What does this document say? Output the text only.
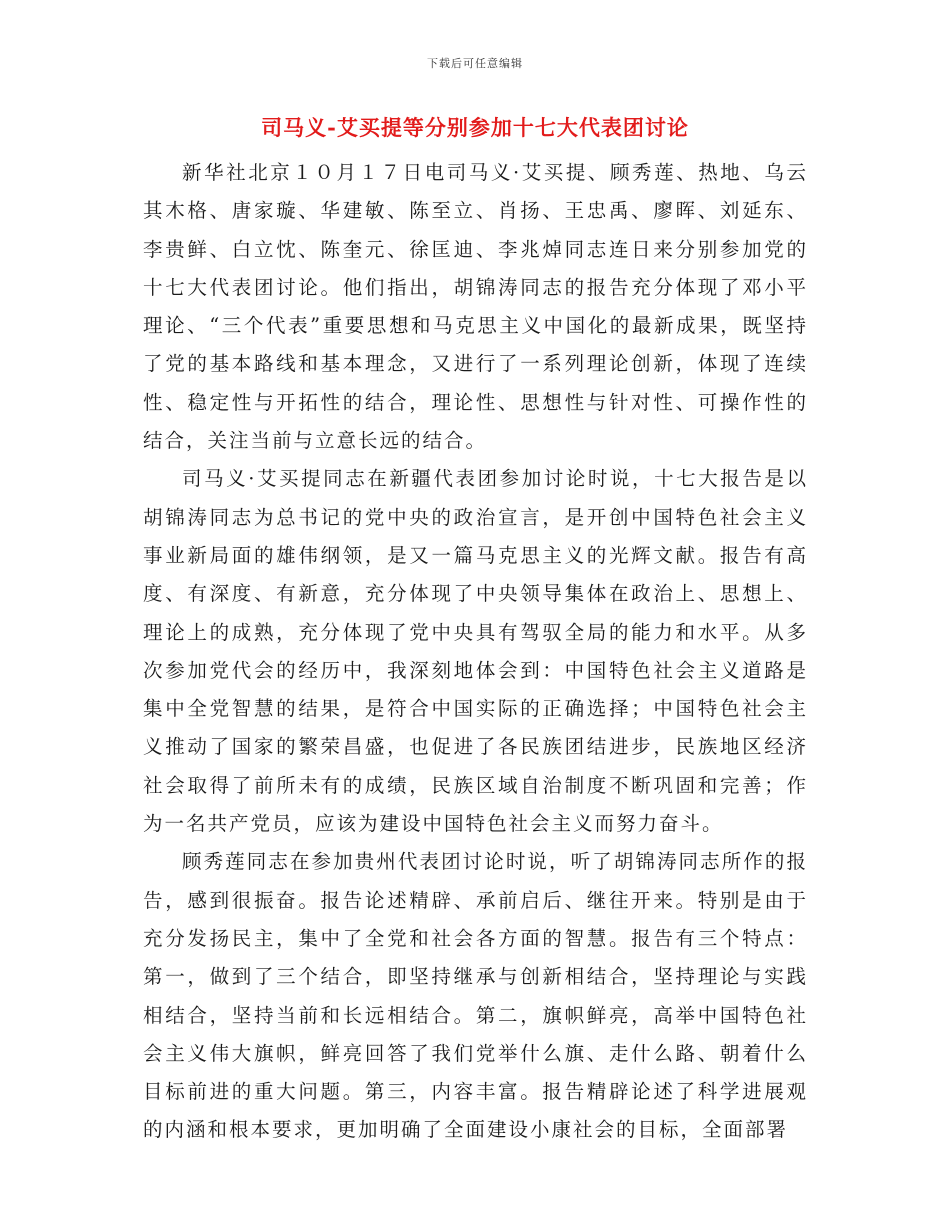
下载后可任意编辑
司马义-艾买提等分别参加十七大代表团讨论

新华社北京１０月１７日电司马义·艾买提、顾秀莲、热地、乌云其木格、唐家璇、华建敏、陈至立、肖扬、王忠禹、廖晖、刘延东、李贵鲜、白立忱、陈奎元、徐匡迪、李兆焯同志连日来分别参加党的十七大代表团讨论。他们指出，胡锦涛同志的报告充分体现了邓小平理论、“三个代表”重要思想和马克思主义中国化的最新成果，既坚持了党的基本路线和基本理念，又进行了一系列理论创新，体现了连续性、稳定性与开拓性的结合，理论性、思想性与针对性、可操作性的结合，关注当前与立意长远的结合。

司马义·艾买提同志在新疆代表团参加讨论时说，十七大报告是以胡锦涛同志为总书记的党中央的政治宣言，是开创中国特色社会主义事业新局面的雄伟纲领，是又一篇马克思主义的光辉文献。报告有高度、有深度、有新意，充分体现了中央领导集体在政治上、思想上、理论上的成熟，充分体现了党中央具有驾驭全局的能力和水平。从多次参加党代会的经历中，我深刻地体会到：中国特色社会主义道路是集中全党智慧的结果，是符合中国实际的正确选择；中国特色社会主义推动了国家的繁荣昌盛，也促进了各民族团结进步，民族地区经济社会取得了前所未有的成绩，民族区域自治制度不断巩固和完善；作为一名共产党员，应该为建设中国特色社会主义而努力奋斗。

顾秀莲同志在参加贵州代表团讨论时说，听了胡锦涛同志所作的报告，感到很振奋。报告论述精辟、承前启后、继往开来。特别是由于充分发扬民主，集中了全党和社会各方面的智慧。报告有三个特点：第一，做到了三个结合，即坚持继承与创新相结合，坚持理论与实践相结合，坚持当前和长远相结合。第二，旗帜鲜亮，高举中国特色社会主义伟大旗帜，鲜亮回答了我们党举什么旗、走什么路、朝着什么目标前进的重大问题。第三，内容丰富。报告精辟论述了科学进展观的内涵和根本要求，更加明确了全面建设小康社会的目标，全面部署
